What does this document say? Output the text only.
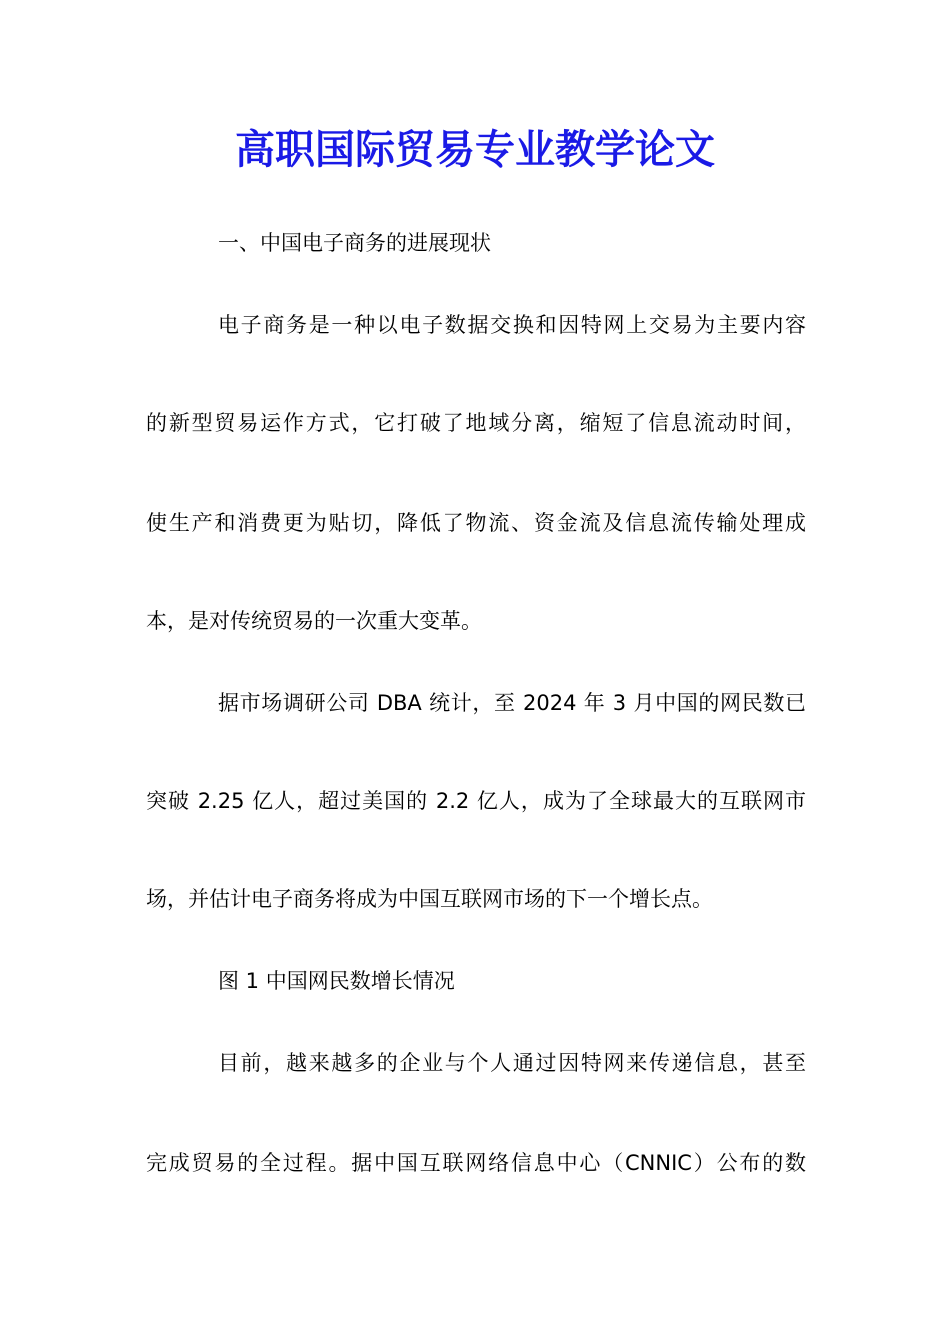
高职国际贸易专业教学论文

一、中国电子商务的进展现状

电子商务是一种以电子数据交换和因特网上交易为主要内容

的新型贸易运作方式，它打破了地域分离，缩短了信息流动时间，

使生产和消费更为贴切，降低了物流、资金流及信息流传输处理成

本，是对传统贸易的一次重大变革。

据市场调研公司 DBA 统计，至 2024 年 3 月中国的网民数已

突破 2.25 亿人，超过美国的 2.2 亿人，成为了全球最大的互联网市

场，并估计电子商务将成为中国互联网市场的下一个增长点。

图 1 中国网民数增长情况

目前，越来越多的企业与个人通过因特网来传递信息，甚至

完成贸易的全过程。据中国互联网络信息中心（CNNIC）公布的数
